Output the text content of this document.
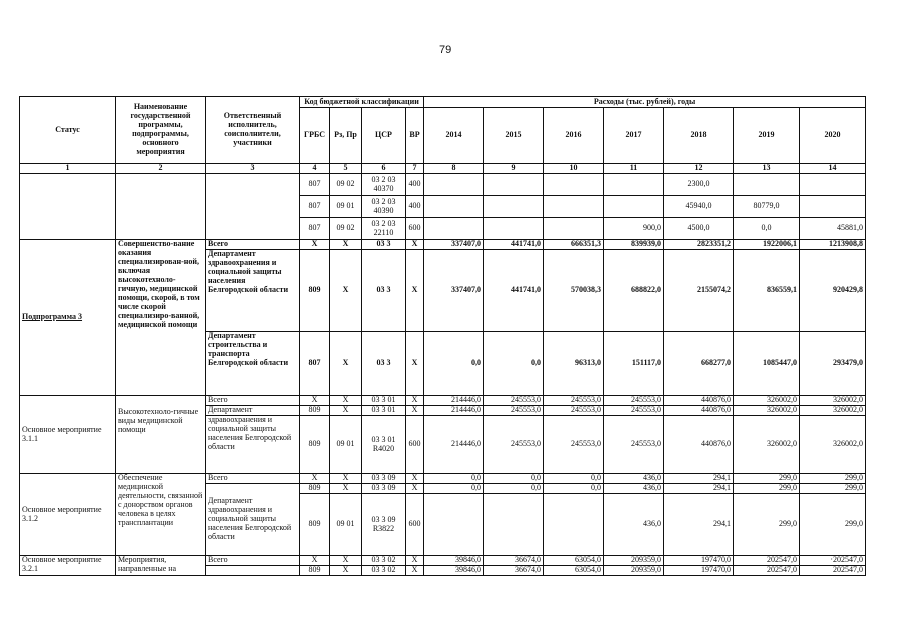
79
Статус	Наименование государственной программы, подпрограммы, основного мероприятия	Ответственный исполнитель, соисполнители, участники	Код бюджетной классификации				Расходы (тыс. рублей), годы						
			ГРБС	Рз, Пр	ЦСР	ВР	2014	2015	2016	2017	2018	2019	2020
1	2	3	4	5	6	7	8	9	10	11	12	13	14
			807	09 02	03 2 03 40370	400					2300,0		
			807	09 01	03 2 03 40390	400					45940,0	80779,0	
			807	09 02	03 2 03 22110	600				900,0	4500,0	0,0	45881,0
Подпрограмма 3	Совершенство-вание оказания специализирован-ной, включая высокотехноло-гичную, медицинской помощи, скорой, в том числе скорой специализиро-ванной, медицинской помощи	Всего	X	X	03 3	X	337407,0	441741,0	666351,3	839939,0	2823351,2	1922006,1	1213908,8
		Департамент здравоохранения и социальной защиты населения Белгородской области	809	X	03 3	X	337407,0	441741,0	570038,3	688822,0	2155074,2	836559,1	920429,8
		Департамент строительства и транспорта Белгородской области	807	X	03 3	X	0,0	0,0	96313,0	151117,0	668277,0	1085447,0	293479,0
Основное мероприятие 3.1.1	Высокотехноло-гичные виды медицинской помощи	Всего	X	X	03 3 01	X	214446,0	245553,0	245553,0	245553,0	440876,0	326002,0	326002,0
		Департамент	809	X	03 3 01	X	214446,0	245553,0	245553,0	245553,0	440876,0	326002,0	326002,0
		здравоохранения и социальной защиты населения Белгородской области	809	09 01	03 3 01 R4020	600	214446,0	245553,0	245553,0	245553,0	440876,0	326002,0	326002,0
Основное мероприятие 3.1.2	Обеспечение медицинской деятельности, связанной с донорством органов человека в целях трансплантации	Всего	X	X	03 3 09	X	0,0	0,0	0,0	436,0	294,1	299,0	299,0
		Департамент здравоохранения и социальной защиты населения Белгородской области	809	X	03 3 09	X	0,0	0,0	0,0	436,0	294,1	299,0	299,0
			809	09 01	03 3 09 R3822	600				436,0	294,1	299,0	299,0
Основное мероприятие 3.2.1	Мероприятия, направленные на	Всего	X	X	03 3 02	X	39846,0	36674,0	63054,0	209359,0	197470,0	202547,0	·202547,0
			809	X	03 3 02	X	39846,0	36674,0	63054,0	209359,0	197470,0	202547,0	202547,0
